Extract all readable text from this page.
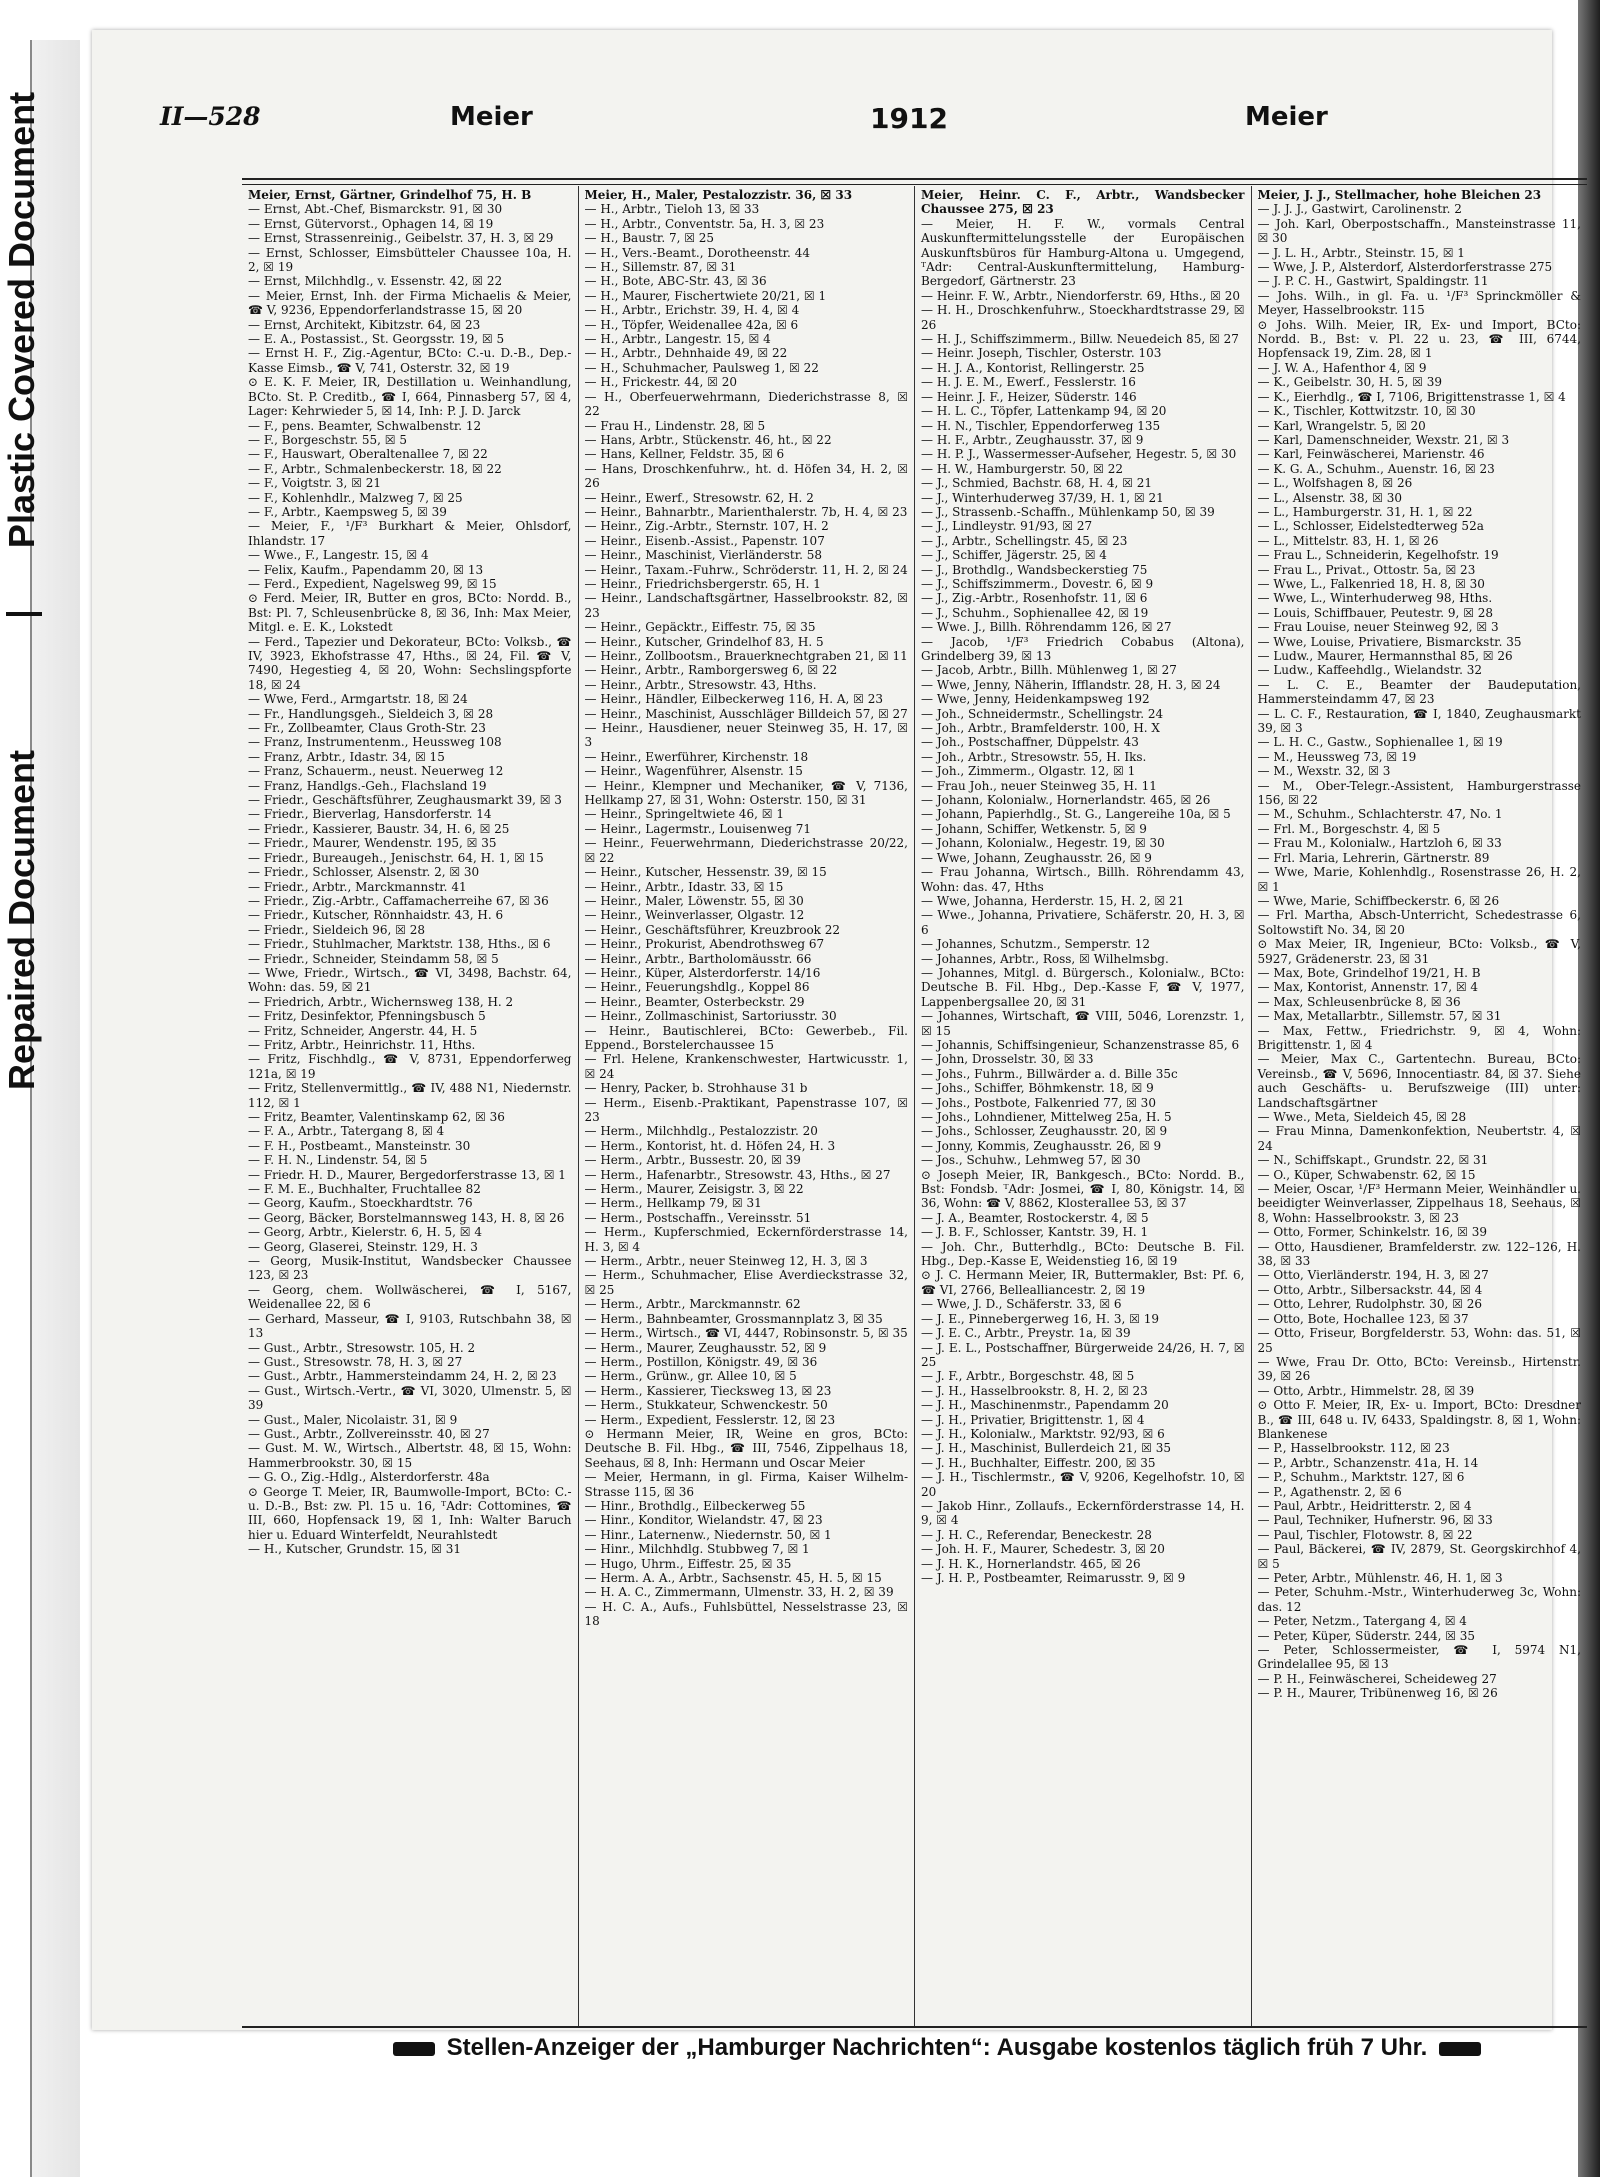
Plastic Covered Document
Repaired Document
II—528	Meier	1912	Meier
Meier, Ernst, Gärtner, Grindelhof 75, H. B
— Ernst, Abt.-Chef, Bismarckstr. 91, ☒ 30
— Ernst, Gütervorst., Ophagen 14, ☒ 19
— Ernst, Strassenreinig., Geibelstr. 37, H. 3, ☒ 29
— Ernst, Schlosser, Eimsbütteler Chaussee 10a, H. 2, ☒ 19
— Ernst, Milchhdlg., v. Essenstr. 42, ☒ 22
— Meier, Ernst, Inh. der Firma Michaelis & Meier, ☎ V, 9236, Eppendorferlandstrasse 15, ☒ 20
— Ernst, Architekt, Kibitzstr. 64, ☒ 23
— E. A., Postassist., St. Georgsstr. 19, ☒ 5
— Ernst H. F., Zig.-Agentur, BCto: C.-u. D.-B., Dep.-Kasse Eimsb., ☎ V, 741, Osterstr. 32, ☒ 19
⊙ E. K. F. Meier, IR, Destillation u. Weinhandlung, BCto. St. P. Creditb., ☎ I, 664, Pinnasberg 57, ☒ 4, Lager: Kehrwieder 5, ☒ 14, Inh: P. J. D. Jarck
— F., pens. Beamter, Schwalbenstr. 12
— F., Borgeschstr. 55, ☒ 5
— F., Hauswart, Oberaltenallee 7, ☒ 22
— F., Arbtr., Schmalenbeckerstr. 18, ☒ 22
— F., Voigtstr. 3, ☒ 21
— F., Kohlenhdlr., Malzweg 7, ☒ 25
— F., Arbtr., Kaempsweg 5, ☒ 39
— Meier, F., ¹/F³ Burkhart & Meier, Ohlsdorf, Ihlandstr. 17
— Wwe., F., Langestr. 15, ☒ 4
— Felix, Kaufm., Papendamm 20, ☒ 13
— Ferd., Expedient, Nagelsweg 99, ☒ 15
⊙ Ferd. Meier, IR, Butter en gros, BCto: Nordd. B., Bst: Pl. 7, Schleusenbrücke 8, ☒ 36, Inh: Max Meier, Mitgl. e. E. K., Lokstedt
— Ferd., Tapezier und Dekorateur, BCto: Volksb., ☎ IV, 3923, Ekhofstrasse 47, Hths., ☒ 24, Fil. ☎ V, 7490, Hegestieg 4, ☒ 20, Wohn: Sechslingspforte 18, ☒ 24
— Wwe, Ferd., Armgartstr. 18, ☒ 24
— Fr., Handlungsgeh., Sieldeich 3, ☒ 28
— Fr., Zollbeamter, Claus Groth-Str. 23
— Franz, Instrumentenm., Heussweg 108
— Franz, Arbtr., Idastr. 34, ☒ 15
— Franz, Schauerm., neust. Neuerweg 12
— Franz, Handlgs.-Geh., Flachsland 19
— Friedr., Geschäftsführer, Zeughausmarkt 39, ☒ 3
— Friedr., Bierverlag, Hansdorferstr. 14
— Friedr., Kassierer, Baustr. 34, H. 6, ☒ 25
— Friedr., Maurer, Wendenstr. 195, ☒ 35
— Friedr., Bureaugeh., Jenischstr. 64, H. 1, ☒ 15
— Friedr., Schlosser, Alsenstr. 2, ☒ 30
— Friedr., Arbtr., Marckmannstr. 41
— Friedr., Zig.-Arbtr., Caffamacherreihe 67, ☒ 36
— Friedr., Kutscher, Rönnhaidstr. 43, H. 6
— Friedr., Sieldeich 96, ☒ 28
— Friedr., Stuhlmacher, Marktstr. 138, Hths., ☒ 6
— Friedr., Schneider, Steindamm 58, ☒ 5
— Wwe, Friedr., Wirtsch., ☎ VI, 3498, Bachstr. 64, Wohn: das. 59, ☒ 21
— Friedrich, Arbtr., Wichernsweg 138, H. 2
— Fritz, Desinfektor, Pfenningsbusch 5
— Fritz, Schneider, Angerstr. 44, H. 5
— Fritz, Arbtr., Heinrichstr. 11, Hths.
— Fritz, Fischhdlg., ☎ V, 8731, Eppendorferweg 121a, ☒ 19
— Fritz, Stellenvermittlg., ☎ IV, 488 N1, Niedernstr. 112, ☒ 1
— Fritz, Beamter, Valentinskamp 62, ☒ 36
— F. A., Arbtr., Tatergang 8, ☒ 4
— F. H., Postbeamt., Mansteinstr. 30
— F. H. N., Lindenstr. 54, ☒ 5
— Friedr. H. D., Maurer, Bergedorferstrasse 13, ☒ 1
— F. M. E., Buchhalter, Fruchtallee 82
— Georg, Kaufm., Stoeckhardtstr. 76
— Georg, Bäcker, Borstelmannsweg 143, H. 8, ☒ 26
— Georg, Arbtr., Kielerstr. 6, H. 5, ☒ 4
— Georg, Glaserei, Steinstr. 129, H. 3
— Georg, Musik-Institut, Wandsbecker Chaussee 123, ☒ 23
— Georg, chem. Wollwäscherei, ☎ I, 5167, Weidenallee 22, ☒ 6
— Gerhard, Masseur, ☎ I, 9103, Rutschbahn 38, ☒ 13
— Gust., Arbtr., Stresowstr. 105, H. 2
— Gust., Stresowstr. 78, H. 3, ☒ 27
— Gust., Arbtr., Hammersteindamm 24, H. 2, ☒ 23
— Gust., Wirtsch.-Vertr., ☎ VI, 3020, Ulmenstr. 5, ☒ 39
— Gust., Maler, Nicolaistr. 31, ☒ 9
— Gust., Arbtr., Zollvereinsstr. 40, ☒ 27
— Gust. M. W., Wirtsch., Albertstr. 48, ☒ 15, Wohn: Hammerbrookstr. 30, ☒ 15
— G. O., Zig.-Hdlg., Alsterdorferstr. 48a
⊙ George T. Meier, IR, Baumwolle-Import, BCto: C.-u. D.-B., Bst: zw. Pl. 15 u. 16, ᵀAdr: Cottomines, ☎ III, 660, Hopfensack 19, ☒ 1, Inh: Walter Baruch hier u. Eduard Winterfeldt, Neurahlstedt
— H., Kutscher, Grundstr. 15, ☒ 31
Meier, H., Maler, Pestalozzistr. 36, ☒ 33
— H., Arbtr., Tieloh 13, ☒ 33
— H., Arbtr., Conventstr. 5a, H. 3, ☒ 23
— H., Baustr. 7, ☒ 25
— H., Vers.-Beamt., Dorotheenstr. 44
— H., Sillemstr. 87, ☒ 31
— H., Bote, ABC-Str. 43, ☒ 36
— H., Maurer, Fischertwiete 20/21, ☒ 1
— H., Arbtr., Erichstr. 39, H. 4, ☒ 4
— H., Töpfer, Weidenallee 42a, ☒ 6
— H., Arbtr., Langestr. 15, ☒ 4
— H., Arbtr., Dehnhaide 49, ☒ 22
— H., Schuhmacher, Paulsweg 1, ☒ 22
— H., Frickestr. 44, ☒ 20
— H., Oberfeuerwehrmann, Diederichstrasse 8, ☒ 22
— Frau H., Lindenstr. 28, ☒ 5
— Hans, Arbtr., Stückenstr. 46, ht., ☒ 22
— Hans, Kellner, Feldstr. 35, ☒ 6
— Hans, Droschkenfuhrw., ht. d. Höfen 34, H. 2, ☒ 26
— Heinr., Ewerf., Stresowstr. 62, H. 2
— Heinr., Bahnarbtr., Marienthalerstr. 7b, H. 4, ☒ 23
— Heinr., Zig.-Arbtr., Sternstr. 107, H. 2
— Heinr., Eisenb.-Assist., Papenstr. 107
— Heinr., Maschinist, Vierländerstr. 58
— Heinr., Taxam.-Fuhrw., Schröderstr. 11, H. 2, ☒ 24
— Heinr., Friedrichsbergerstr. 65, H. 1
— Heinr., Landschaftsgärtner, Hasselbrookstr. 82, ☒ 23
— Heinr., Gepäcktr., Eiffestr. 75, ☒ 35
— Heinr., Kutscher, Grindelhof 83, H. 5
— Heinr., Zollbootsm., Brauerknechtgraben 21, ☒ 11
— Heinr., Arbtr., Ramborgersweg 6, ☒ 22
— Heinr., Arbtr., Stresowstr. 43, Hths.
— Heinr., Händler, Eilbeckerweg 116, H. A, ☒ 23
— Heinr., Maschinist, Ausschläger Billdeich 57, ☒ 27
— Heinr., Hausdiener, neuer Steinweg 35, H. 17, ☒ 3
— Heinr., Ewerführer, Kirchenstr. 18
— Heinr., Wagenführer, Alsenstr. 15
— Heinr., Klempner und Mechaniker, ☎ V, 7136, Hellkamp 27, ☒ 31, Wohn: Osterstr. 150, ☒ 31
— Heinr., Springeltwiete 46, ☒ 1
— Heinr., Lagermstr., Louisenweg 71
— Heinr., Feuerwehrmann, Diederichstrasse 20/22, ☒ 22
— Heinr., Kutscher, Hessenstr. 39, ☒ 15
— Heinr., Arbtr., Idastr. 33, ☒ 15
— Heinr., Maler, Löwenstr. 55, ☒ 30
— Heinr., Weinverlasser, Olgastr. 12
— Heinr., Geschäftsführer, Kreuzbrook 22
— Heinr., Prokurist, Abendrothsweg 67
— Heinr., Arbtr., Bartholomäusstr. 66
— Heinr., Küper, Alsterdorferstr. 14/16
— Heinr., Feuerungshdlg., Koppel 86
— Heinr., Beamter, Osterbeckstr. 29
— Heinr., Zollmaschinist, Sartoriusstr. 30
— Heinr., Bautischlerei, BCto: Gewerbeb., Fil. Eppend., Borstelerchaussee 15
— Frl. Helene, Krankenschwester, Hartwicusstr. 1, ☒ 24
— Henry, Packer, b. Strohhause 31 b
— Herm., Eisenb.-Praktikant, Papenstrasse 107, ☒ 23
— Herm., Milchhdlg., Pestalozzistr. 20
— Herm., Kontorist, ht. d. Höfen 24, H. 3
— Herm., Arbtr., Bussestr. 20, ☒ 39
— Herm., Hafenarbtr., Stresowstr. 43, Hths., ☒ 27
— Herm., Maurer, Zeisigstr. 3, ☒ 22
— Herm., Hellkamp 79, ☒ 31
— Herm., Postschaffn., Vereinsstr. 51
— Herm., Kupferschmied, Eckernförderstrasse 14, H. 3, ☒ 4
— Herm., Arbtr., neuer Steinweg 12, H. 3, ☒ 3
— Herm., Schuhmacher, Elise Averdieckstrasse 32, ☒ 25
— Herm., Arbtr., Marckmannstr. 62
— Herm., Bahnbeamter, Grossmannplatz 3, ☒ 35
— Herm., Wirtsch., ☎ VI, 4447, Robinsonstr. 5, ☒ 35
— Herm., Maurer, Zeughausstr. 52, ☒ 9
— Herm., Postillon, Königstr. 49, ☒ 36
— Herm., Grünw., gr. Allee 10, ☒ 5
— Herm., Kassierer, Tiecksweg 13, ☒ 23
— Herm., Stukkateur, Schwenckestr. 50
— Herm., Expedient, Fesslerstr. 12, ☒ 23
⊙ Hermann Meier, IR, Weine en gros, BCto: Deutsche B. Fil. Hbg., ☎ III, 7546, Zippelhaus 18, Seehaus, ☒ 8, Inh: Hermann und Oscar Meier
— Meier, Hermann, in gl. Firma, Kaiser Wilhelm-Strasse 115, ☒ 36
— Hinr., Brothdlg., Eilbeckerweg 55
— Hinr., Konditor, Wielandstr. 47, ☒ 23
— Hinr., Laternenw., Niedernstr. 50, ☒ 1
— Hinr., Milchhdlg. Stubbweg 7, ☒ 1
— Hugo, Uhrm., Eiffestr. 25, ☒ 35
— Herm. A. A., Arbtr., Sachsenstr. 45, H. 5, ☒ 15
— H. A. C., Zimmermann, Ulmenstr. 33, H. 2, ☒ 39
— H. C. A., Aufs., Fuhlsbüttel, Nesselstrasse 23, ☒ 18
Meier, Heinr. C. F., Arbtr., Wandsbecker Chaussee 275, ☒ 23
— Meier, H. F. W., vormals Central Auskunftermittelungsstelle der Europäischen Auskunftsbüros für Hamburg-Altona u. Umgegend, ᵀAdr: Central-Auskunftermittelung, Hamburg-Bergedorf, Gärtnerstr. 23
— Heinr. F. W., Arbtr., Niendorferstr. 69, Hths., ☒ 20
— H. H., Droschkenfuhrw., Stoeckhardtstrasse 29, ☒ 26
— H. J., Schiffszimmerm., Billw. Neuedeich 85, ☒ 27
— Heinr. Joseph, Tischler, Osterstr. 103
— H. J. A., Kontorist, Rellingerstr. 25
— H. J. E. M., Ewerf., Fesslerstr. 16
— Heinr. J. F., Heizer, Süderstr. 146
— H. L. C., Töpfer, Lattenkamp 94, ☒ 20
— H. N., Tischler, Eppendorferweg 135
— H. F., Arbtr., Zeughausstr. 37, ☒ 9
— H. P. J., Wassermesser-Aufseher, Hegestr. 5, ☒ 30
— H. W., Hamburgerstr. 50, ☒ 22
— J., Schmied, Bachstr. 68, H. 4, ☒ 21
— J., Winterhuderweg 37/39, H. 1, ☒ 21
— J., Strassenb.-Schaffn., Mühlenkamp 50, ☒ 39
— J., Lindleystr. 91/93, ☒ 27
— J., Arbtr., Schellingstr. 45, ☒ 23
— J., Schiffer, Jägerstr. 25, ☒ 4
— J., Brothdlg., Wandsbeckerstieg 75
— J., Schiffszimmerm., Dovestr. 6, ☒ 9
— J., Zig.-Arbtr., Rosenhofstr. 11, ☒ 6
— J., Schuhm., Sophienallee 42, ☒ 19
— Wwe. J., Billh. Röhrendamm 126, ☒ 27
— Jacob, ¹/F³ Friedrich Cobabus (Altona), Grindelberg 39, ☒ 13
— Jacob, Arbtr., Billh. Mühlenweg 1, ☒ 27
— Wwe, Jenny, Näherin, Ifflandstr. 28, H. 3, ☒ 24
— Wwe, Jenny, Heidenkampsweg 192
— Joh., Schneidermstr., Schellingstr. 24
— Joh., Arbtr., Bramfelderstr. 100, H. X
— Joh., Postschaffner, Düppelstr. 43
— Joh., Arbtr., Stresowstr. 55, H. Iks.
— Joh., Zimmerm., Olgastr. 12, ☒ 1
— Frau Joh., neuer Steinweg 35, H. 11
— Johann, Kolonialw., Hornerlandstr. 465, ☒ 26
— Johann, Papierhdlg., St. G., Langereihe 10a, ☒ 5
— Johann, Schiffer, Wetkenstr. 5, ☒ 9
— Johann, Kolonialw., Hegestr. 19, ☒ 30
— Wwe, Johann, Zeughausstr. 26, ☒ 9
— Frau Johanna, Wirtsch., Billh. Röhrendamm 43, Wohn: das. 47, Hths
— Wwe, Johanna, Herderstr. 15, H. 2, ☒ 21
— Wwe., Johanna, Privatiere, Schäferstr. 20, H. 3, ☒ 6
— Johannes, Schutzm., Semperstr. 12
— Johannes, Arbtr., Ross, ☒ Wilhelmsbg.
— Johannes, Mitgl. d. Bürgersch., Kolonialw., BCto: Deutsche B. Fil. Hbg., Dep.-Kasse F, ☎ V, 1977, Lappenbergsallee 20, ☒ 31
— Johannes, Wirtschaft, ☎ VIII, 5046, Lorenzstr. 1, ☒ 15
— Johannis, Schiffsingenieur, Schanzenstrasse 85, 6
— John, Drosselstr. 30, ☒ 33
— Johs., Fuhrm., Billwärder a. d. Bille 35c
— Johs., Schiffer, Böhmkenstr. 18, ☒ 9
— Johs., Postbote, Falkenried 77, ☒ 30
— Johs., Lohndiener, Mittelweg 25a, H. 5
— Johs., Schlosser, Zeughausstr. 20, ☒ 9
— Jonny, Kommis, Zeughausstr. 26, ☒ 9
— Jos., Schuhw., Lehmweg 57, ☒ 30
⊙ Joseph Meier, IR, Bankgesch., BCto: Nordd. B., Bst: Fondsb. ᵀAdr: Josmei, ☎ I, 80, Königstr. 14, ☒ 36, Wohn: ☎ V, 8862, Klosterallee 53, ☒ 37
— J. A., Beamter, Rostockerstr. 4, ☒ 5
— J. B. F., Schlosser, Kantstr. 39, H. 1
— Joh. Chr., Butterhdlg., BCto: Deutsche B. Fil. Hbg., Dep.-Kasse E, Weidenstieg 16, ☒ 19
⊙ J. C. Hermann Meier, IR, Buttermakler, Bst: Pf. 6, ☎ VI, 2766, Bellealliancestr. 2, ☒ 19
— Wwe, J. D., Schäferstr. 33, ☒ 6
— J. E., Pinnebergerweg 16, H. 3, ☒ 19
— J. E. C., Arbtr., Preystr. 1a, ☒ 39
— J. E. L., Postschaffner, Bürgerweide 24/26, H. 7, ☒ 25
— J. F., Arbtr., Borgeschstr. 48, ☒ 5
— J. H., Hasselbrookstr. 8, H. 2, ☒ 23
— J. H., Maschinenmstr., Papendamm 20
— J. H., Privatier, Brigittenstr. 1, ☒ 4
— J. H., Kolonialw., Marktstr. 92/93, ☒ 6
— J. H., Maschinist, Bullerdeich 21, ☒ 35
— J. H., Buchhalter, Eiffestr. 200, ☒ 35
— J. H., Tischlermstr., ☎ V, 9206, Kegelhofstr. 10, ☒ 20
— Jakob Hinr., Zollaufs., Eckernförderstrasse 14, H. 9, ☒ 4
— J. H. C., Referendar, Beneckestr. 28
— Joh. H. F., Maurer, Schedestr. 3, ☒ 20
— J. H. K., Hornerlandstr. 465, ☒ 26
— J. H. P., Postbeamter, Reimarusstr. 9, ☒ 9
Meier, J. J., Stellmacher, hohe Bleichen 23
— J. J. J., Gastwirt, Carolinenstr. 2
— Joh. Karl, Oberpostschaffn., Mansteinstrasse 11, ☒ 30
— J. L. H., Arbtr., Steinstr. 15, ☒ 1
— Wwe, J. P., Alsterdorf, Alsterdorferstrasse 275
— J. P. C. H., Gastwirt, Spaldingstr. 11
— Johs. Wilh., in gl. Fa. u. ¹/F³ Sprinckmöller & Meyer, Hasselbrookstr. 115
⊙ Johs. Wilh. Meier, IR, Ex- und Import, BCto: Nordd. B., Bst: v. Pl. 22 u. 23, ☎ III, 6744, Hopfensack 19, Zim. 28, ☒ 1
— J. W. A., Hafenthor 4, ☒ 9
— K., Geibelstr. 30, H. 5, ☒ 39
— K., Eierhdlg., ☎ I, 7106, Brigittenstrasse 1, ☒ 4
— K., Tischler, Kottwitzstr. 10, ☒ 30
— Karl, Wrangelstr. 5, ☒ 20
— Karl, Damenschneider, Wexstr. 21, ☒ 3
— Karl, Feinwäscherei, Marienstr. 46
— K. G. A., Schuhm., Auenstr. 16, ☒ 23
— L., Wolfshagen 8, ☒ 26
— L., Alsenstr. 38, ☒ 30
— L., Hamburgerstr. 31, H. 1, ☒ 22
— L., Schlosser, Eidelstedterweg 52a
— L., Mittelstr. 83, H. 1, ☒ 26
— Frau L., Schneiderin, Kegelhofstr. 19
— Frau L., Privat., Ottostr. 5a, ☒ 23
— Wwe, L., Falkenried 18, H. 8, ☒ 30
— Wwe, L., Winterhuderweg 98, Hths.
— Louis, Schiffbauer, Peutestr. 9, ☒ 28
— Frau Louise, neuer Steinweg 92, ☒ 3
— Wwe, Louise, Privatiere, Bismarckstr. 35
— Ludw., Maurer, Hermannsthal 85, ☒ 26
— Ludw., Kaffeehdlg., Wielandstr. 32
— L. C. E., Beamter der Baudeputation, Hammersteindamm 47, ☒ 23
— L. C. F., Restauration, ☎ I, 1840, Zeughausmarkt 39, ☒ 3
— L. H. C., Gastw., Sophienallee 1, ☒ 19
— M., Heussweg 73, ☒ 19
— M., Wexstr. 32, ☒ 3
— M., Ober-Telegr.-Assistent, Hamburgerstrasse 156, ☒ 22
— M., Schuhm., Schlachterstr. 47, No. 1
— Frl. M., Borgeschstr. 4, ☒ 5
— Frau M., Kolonialw., Hartzloh 6, ☒ 33
— Frl. Maria, Lehrerin, Gärtnerstr. 89
— Wwe, Marie, Kohlenhdlg., Rosenstrasse 26, H. 2, ☒ 1
— Wwe, Marie, Schiffbeckerstr. 6, ☒ 26
— Frl. Martha, Absch-Unterricht, Schedestrasse 6, Soltowstift No. 34, ☒ 20
⊙ Max Meier, IR, Ingenieur, BCto: Volksb., ☎ V, 5927, Grädenerstr. 23, ☒ 31
— Max, Bote, Grindelhof 19/21, H. B
— Max, Kontorist, Annenstr. 17, ☒ 4
— Max, Schleusenbrücke 8, ☒ 36
— Max, Metallarbtr., Sillemstr. 57, ☒ 31
— Max, Fettw., Friedrichstr. 9, ☒ 4, Wohn: Brigittenstr. 1, ☒ 4
— Meier, Max C., Gartentechn. Bureau, BCto: Vereinsb., ☎ V, 5696, Innocentiastr. 84, ☒ 37. Siehe auch Geschäfts- u. Berufszweige (III) unter: Landschaftsgärtner
— Wwe., Meta, Sieldeich 45, ☒ 28
— Frau Minna, Damenkonfektion, Neubertstr. 4, ☒ 24
— N., Schiffskapt., Grundstr. 22, ☒ 31
— O., Küper, Schwabenstr. 62, ☒ 15
— Meier, Oscar, ¹/F³ Hermann Meier, Weinhändler u. beeidigter Weinverlasser, Zippelhaus 18, Seehaus, ☒ 8, Wohn: Hasselbrookstr. 3, ☒ 23
— Otto, Former, Schinkelstr. 16, ☒ 39
— Otto, Hausdiener, Bramfelderstr. zw. 122–126, H. 38, ☒ 33
— Otto, Vierländerstr. 194, H. 3, ☒ 27
— Otto, Arbtr., Silbersackstr. 44, ☒ 4
— Otto, Lehrer, Rudolphstr. 30, ☒ 26
— Otto, Bote, Hochallee 123, ☒ 37
— Otto, Friseur, Borgfelderstr. 53, Wohn: das. 51, ☒ 25
— Wwe, Frau Dr. Otto, BCto: Vereinsb., Hirtenstr. 39, ☒ 26
— Otto, Arbtr., Himmelstr. 28, ☒ 39
⊙ Otto F. Meier, IR, Ex- u. Import, BCto: Dresdner B., ☎ III, 648 u. IV, 6433, Spaldingstr. 8, ☒ 1, Wohn: Blankenese
— P., Hasselbrookstr. 112, ☒ 23
— P., Arbtr., Schanzenstr. 41a, H. 14
— P., Schuhm., Marktstr. 127, ☒ 6
— P., Agathenstr. 2, ☒ 6
— Paul, Arbtr., Heidritterstr. 2, ☒ 4
— Paul, Techniker, Hufnerstr. 96, ☒ 33
— Paul, Tischler, Flotowstr. 8, ☒ 22
— Paul, Bäckerei, ☎ IV, 2879, St. Georgskirchhof 4, ☒ 5
— Peter, Arbtr., Mühlenstr. 46, H. 1, ☒ 3
— Peter, Schuhm.-Mstr., Winterhuderweg 3c, Wohn: das. 12
— Peter, Netzm., Tatergang 4, ☒ 4
— Peter, Küper, Süderstr. 244, ☒ 35
— Peter, Schlossermeister, ☎ I, 5974 N1, Grindelallee 95, ☒ 13
— P. H., Feinwäscherei, Scheideweg 27
— P. H., Maurer, Tribünenweg 16, ☒ 26
Stellen-Anzeiger der „Hamburger Nachrichten“: Ausgabe kostenlos täglich früh 7 Uhr.
